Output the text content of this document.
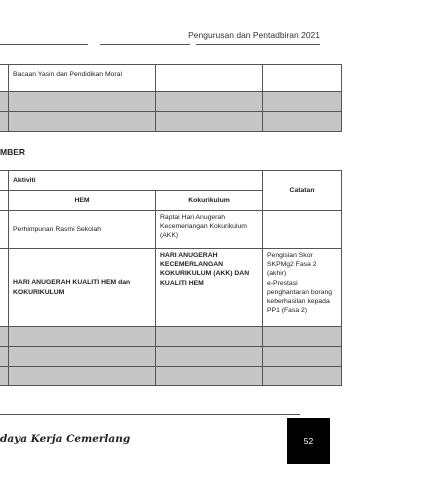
Pengurusan dan Pentadbiran 2021
	Bacaan Yasin dan Pendidikan Moral		

MBER
	Aktiviti		Catatan
	HEM	Kokurikulum	
	Perhimpunan Rasmi Sekolah	Raptai Hari Anugerah Kecemerlangan Kokurikulum (AKK)	
	HARI ANUGERAH KUALITI HEM dan KOKURIKULUM	HARI ANUGERAH KECEMERLANGAN KOKURIKULUM (AKK) DAN KUALITI HEM	Pengisian Skor SKPMg2 Fasa 2 (akhir)
e-Prestasi penghantaran borang keberhasilan kepada PP1 (Fasa 2)

daya Kerja Cemerlang	52
